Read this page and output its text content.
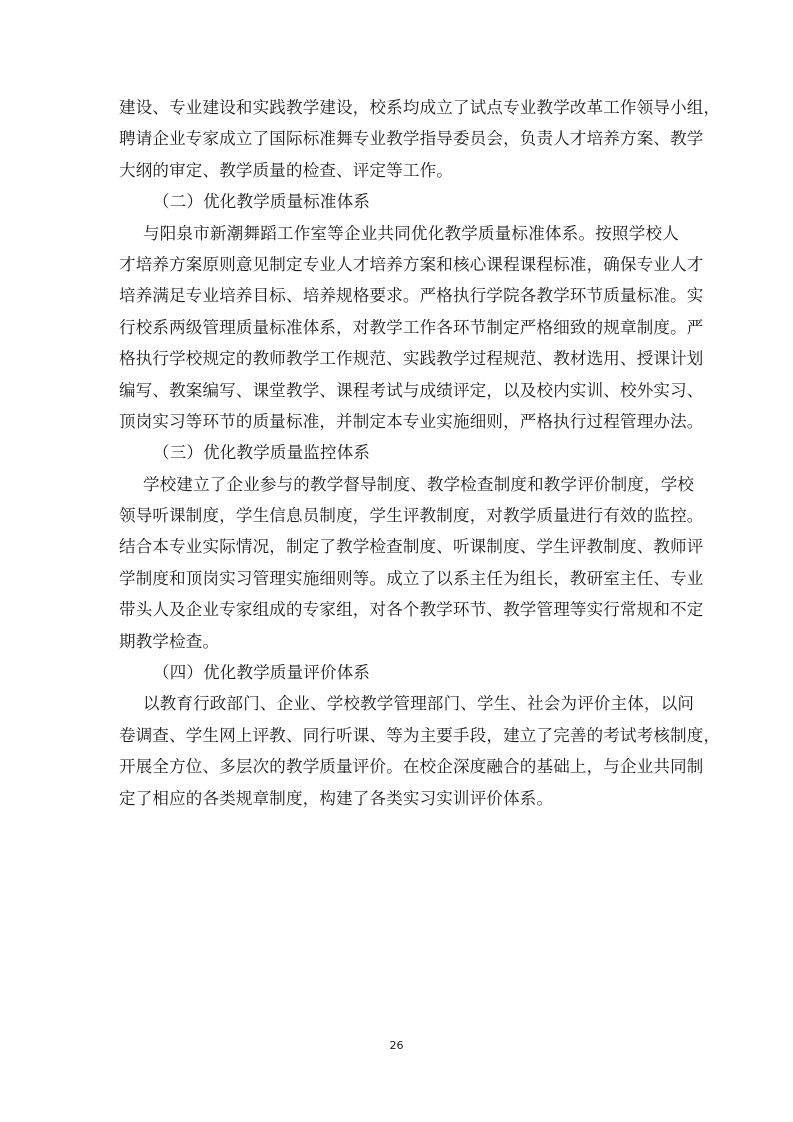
建设、专业建设和实践教学建设，校系均成立了试点专业教学改革工作领导小组，
聘请企业专家成立了国际标准舞专业教学指导委员会，负责人才培养方案、教学
大纲的审定、教学质量的检查、评定等工作。
（二）优化教学质量标准体系
与阳泉市新潮舞蹈工作室等企业共同优化教学质量标准体系。按照学校人
才培养方案原则意见制定专业人才培养方案和核心课程课程标准，确保专业人才
培养满足专业培养目标、培养规格要求。严格执行学院各教学环节质量标准。实
行校系两级管理质量标准体系，对教学工作各环节制定严格细致的规章制度。严
格执行学校规定的教师教学工作规范、实践教学过程规范、教材选用、授课计划
编写、教案编写、课堂教学、课程考试与成绩评定，以及校内实训、校外实习、
顶岗实习等环节的质量标准，并制定本专业实施细则，严格执行过程管理办法。
（三）优化教学质量监控体系
学校建立了企业参与的教学督导制度、教学检查制度和教学评价制度，学校
领导听课制度，学生信息员制度，学生评教制度，对教学质量进行有效的监控。
结合本专业实际情况，制定了教学检查制度、听课制度、学生评教制度、教师评
学制度和顶岗实习管理实施细则等。成立了以系主任为组长，教研室主任、专业
带头人及企业专家组成的专家组，对各个教学环节、教学管理等实行常规和不定
期教学检查。
（四）优化教学质量评价体系
以教育行政部门、企业、学校教学管理部门、学生、社会为评价主体，以问
卷调查、学生网上评教、同行听课、等为主要手段，建立了完善的考试考核制度，
开展全方位、多层次的教学质量评价。在校企深度融合的基础上，与企业共同制
定了相应的各类规章制度，构建了各类实习实训评价体系。
26
